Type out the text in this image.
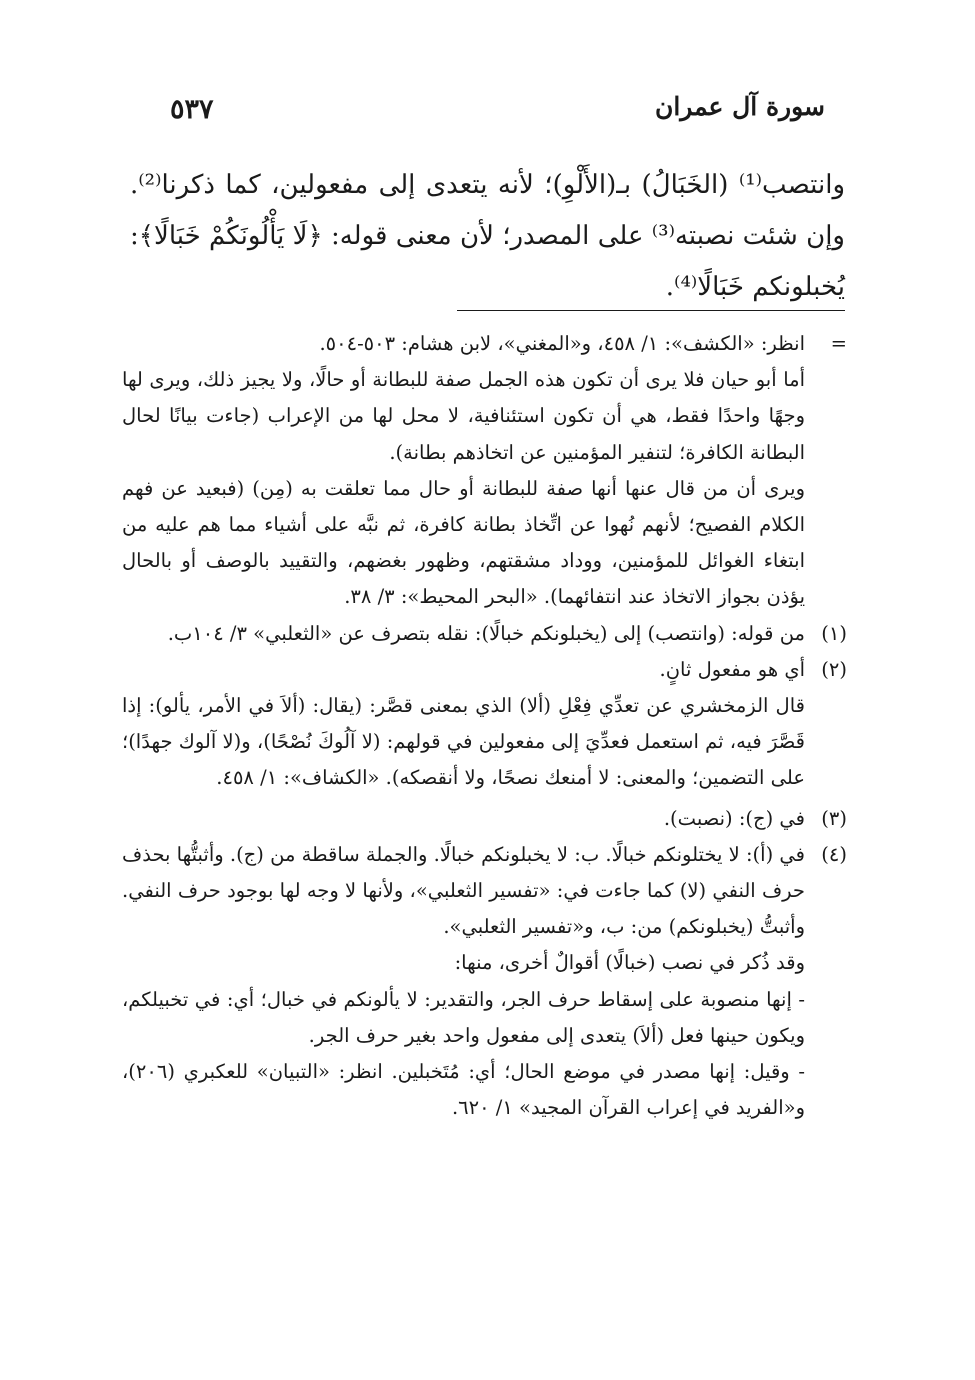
٥٣٧	سورة آل عمران

وانتصب⁽¹⁾ (الخَبَالُ) بـ(الأَلْوِ)؛ لأنه يتعدى إلى مفعولين، كما ذكرنا⁽²⁾. وإن شئت نصبته⁽³⁾ على المصدر؛ لأن معنى قوله: ﴿لَا يَأْلُونَكُمْ خَبَالًا﴾: يُخبلونكم خَبَالًا⁽⁴⁾.

=

انظر: «الكشف»: ١/ ٤٥٨، و«المغني»، لابن هشام: ٥٠٣-٥٠٤.

أما أبو حيان فلا يرى أن تكون هذه الجمل صفة للبطانة أو حالًا، ولا يجيز ذلك، ويرى لها وجهًا واحدًا فقط، هي أن تكون استئنافية، لا محل لها من الإعراب (جاءت بيانًا لحال البطانة الكافرة؛ لتنفير المؤمنين عن اتخاذهم بطانة).

ويرى أن من قال عنها أنها صفة للبطانة أو حال مما تعلقت به (مِن) (فبعيد عن فهم الكلام الفصيح؛ لأنهم نُهوا عن اتِّخاذ بطانة كافرة، ثم نبَّه على أشياء مما هم عليه من ابتغاء الغوائل للمؤمنين، ووداد مشقتهم، وظهور بغضهم، والتقييد بالوصف أو بالحال يؤذن بجواز الاتخاذ عند انتفائهما). «البحر المحيط»: ٣/ ٣٨.

(١)

من قوله: (وانتصب) إلى (يخبلونكم خبالًا): نقله بتصرف عن «الثعلبي» ٣/ ١٠٤ب.

(٢)

أي هو مفعول ثانٍ.

قال الزمخشري عن تعدِّي فِعْلِ (ألا) الذي بمعنى قصَّر: (يقال: (ألاَ في الأمر، يألو): إذا قَصَّرَ فيه، ثم استعمل فعدِّيَ إلى مفعولين في قولهم: (لا آلُوكَ نُصْحًا)، و(لا آلوك جهدًا)؛ على التضمين؛ والمعنى: لا أمنعك نصحًا، ولا أنقصكه). «الكشاف»: ١/ ٤٥٨.

(٣)

في (ج): (نصبت).

(٤)

في (أ): لا يختلونكم خبالًا. ب: لا يخبلونكم خبالًا. والجملة ساقطة من (ج). وأثبتُّها بحذف حرف النفي (لا) كما جاءت في: «تفسير الثعلبي»، ولأنها لا وجه لها بوجود حرف النفي. وأثبتُّ (يخبلونكم) من: ب، و«تفسير الثعلبي».

وقد ذُكر في نصب (خبالًا) أقوالٌ أخرى، منها:

- إنها منصوبة على إسقاط حرف الجر، والتقدير: لا يألونكم في خبال؛ أي: في تخبيلكم، ويكون حينها فعل (ألاَ) يتعدى إلى مفعول واحد بغير حرف الجر.

- وقيل: إنها مصدر في موضع الحال؛ أي: مُتَخبلين. انظر: «التبيان» للعكبري (٢٠٦)، و«الفريد في إعراب القرآن المجيد» ١/ ٦٢٠.
